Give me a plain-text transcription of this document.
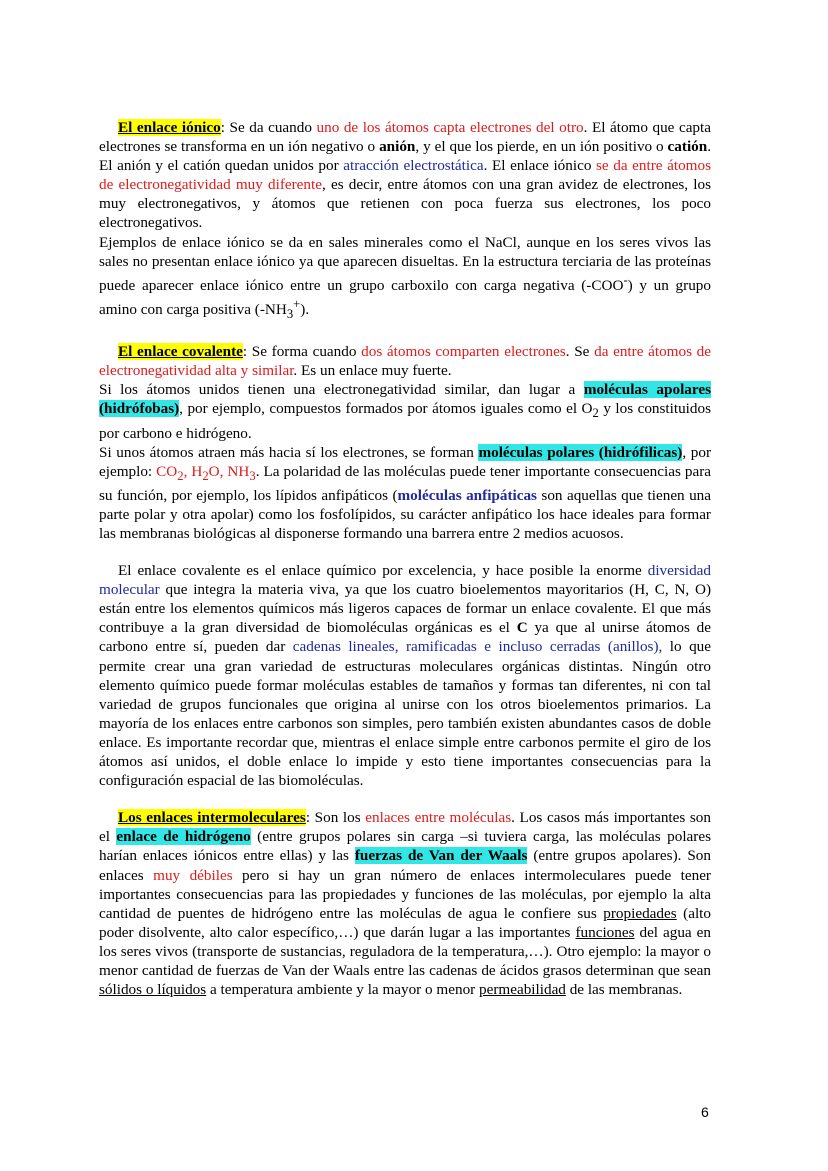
El enlace iónico: Se da cuando uno de los átomos capta electrones del otro. El átomo que capta electrones se transforma en un ión negativo o anión, y el que los pierde, en un ión positivo o catión. El anión y el catión quedan unidos por atracción electrostática. El enlace iónico se da entre átomos de electronegatividad muy diferente, es decir, entre átomos con una gran avidez de electrones, los muy electronegativos, y átomos que retienen con poca fuerza sus electrones, los poco electronegativos.
Ejemplos de enlace iónico se da en sales minerales como el NaCl, aunque en los seres vivos las sales no presentan enlace iónico ya que aparecen disueltas. En la estructura terciaria de las proteínas puede aparecer enlace iónico entre un grupo carboxilo con carga negativa (-COO-) y un grupo amino con carga positiva $(-NH_3^+)$.

El enlace covalente: Se forma cuando dos átomos comparten electrones. Se da entre átomos de electronegatividad alta y similar. Es un enlace muy fuerte.
Si los átomos unidos tienen una electronegatividad similar, dan lugar a moléculas apolares (hidrófobas), por ejemplo, compuestos formados por átomos iguales como el $O_2$ y los constituidos por carbono e hidrógeno.
Si unos átomos atraen más hacia sí los electrones, se forman moléculas polares (hidrófilicas), por ejemplo: $CO_2$, $H_2O$, $NH_3$. La polaridad de las moléculas puede tener importante consecuencias para su función, por ejemplo, los lípidos anfipáticos (moléculas anfipáticas son aquellas que tienen una parte polar y otra apolar) como los fosfolípidos, su carácter anfipático los hace ideales para formar las membranas biológicas al disponerse formando una barrera entre 2 medios acuosos.

El enlace covalente es el enlace químico por excelencia, y hace posible la enorme diversidad molecular que integra la materia viva, ya que los cuatro bioelementos mayoritarios (H, C, N, O) están entre los elementos químicos más ligeros capaces de formar un enlace covalente. El que más contribuye a la gran diversidad de biomoléculas orgánicas es el C ya que al unirse átomos de carbono entre sí, pueden dar cadenas lineales, ramificadas e incluso cerradas (anillos), lo que permite crear una gran variedad de estructuras moleculares orgánicas distintas. Ningún otro elemento químico puede formar moléculas estables de tamaños y formas tan diferentes, ni con tal variedad de grupos funcionales que origina al unirse con los otros bioelementos primarios. La mayoría de los enlaces entre carbonos son simples, pero también existen abundantes casos de doble enlace. Es importante recordar que, mientras el enlace simple entre carbonos permite el giro de los átomos así unidos, el doble enlace lo impide y esto tiene importantes consecuencias para la configuración espacial de las biomoléculas.

Los enlaces intermoleculares: Son los enlaces entre moléculas. Los casos más importantes son el enlace de hidrógeno (entre grupos polares sin carga –si tuviera carga, las moléculas polares harían enlaces iónicos entre ellas) y las fuerzas de Van der Waals (entre grupos apolares). Son enlaces muy débiles pero si hay un gran número de enlaces intermoleculares puede tener importantes consecuencias para las propiedades y funciones de las moléculas, por ejemplo la alta cantidad de puentes de hidrógeno entre las moléculas de agua le confiere sus propiedades (alto poder disolvente, alto calor específico,…) que darán lugar a las importantes funciones del agua en los seres vivos (transporte de sustancias, reguladora de la temperatura,…). Otro ejemplo: la mayor o menor cantidad de fuerzas de Van der Waals entre las cadenas de ácidos grasos determinan que sean sólidos o líquidos a temperatura ambiente y la mayor o menor permeabilidad de las membranas.

6
